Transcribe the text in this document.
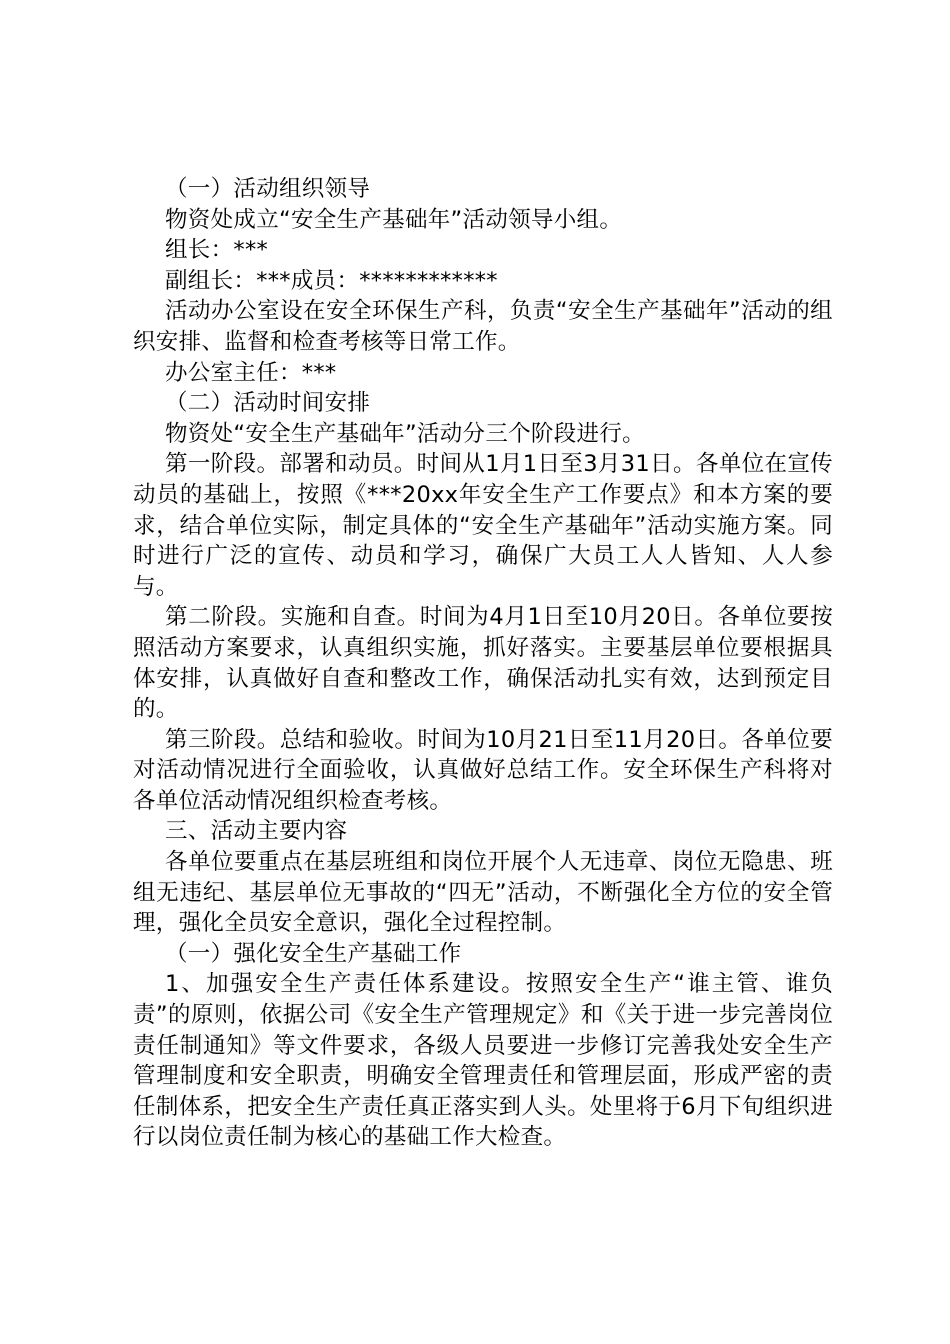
（一）活动组织领导

物资处成立“安全生产基础年”活动领导小组。

组长：***

副组长：***成员：************

活动办公室设在安全环保生产科，负责“安全生产基础年”活动的组织安排、监督和检查考核等日常工作。

办公室主任：***

（二）活动时间安排

物资处“安全生产基础年”活动分三个阶段进行。

第一阶段。部署和动员。时间从1月1日至3月31日。各单位在宣传动员的基础上，按照《***20xx年安全生产工作要点》和本方案的要求，结合单位实际，制定具体的“安全生产基础年”活动实施方案。同时进行广泛的宣传、动员和学习，确保广大员工人人皆知、人人参与。

第二阶段。实施和自查。时间为4月1日至10月20日。各单位要按照活动方案要求，认真组织实施，抓好落实。主要基层单位要根据具体安排，认真做好自查和整改工作，确保活动扎实有效，达到预定目的。

第三阶段。总结和验收。时间为10月21日至11月20日。各单位要对活动情况进行全面验收，认真做好总结工作。安全环保生产科将对各单位活动情况组织检查考核。

三、活动主要内容

各单位要重点在基层班组和岗位开展个人无违章、岗位无隐患、班组无违纪、基层单位无事故的“四无”活动，不断强化全方位的安全管理，强化全员安全意识，强化全过程控制。

（一）强化安全生产基础工作

1、加强安全生产责任体系建设。按照安全生产“谁主管、谁负责”的原则，依据公司《安全生产管理规定》和《关于进一步完善岗位责任制通知》等文件要求，各级人员要进一步修订完善我处安全生产管理制度和安全职责，明确安全管理责任和管理层面，形成严密的责任制体系，把安全生产责任真正落实到人头。处里将于6月下旬组织进行以岗位责任制为核心的基础工作大检查。
